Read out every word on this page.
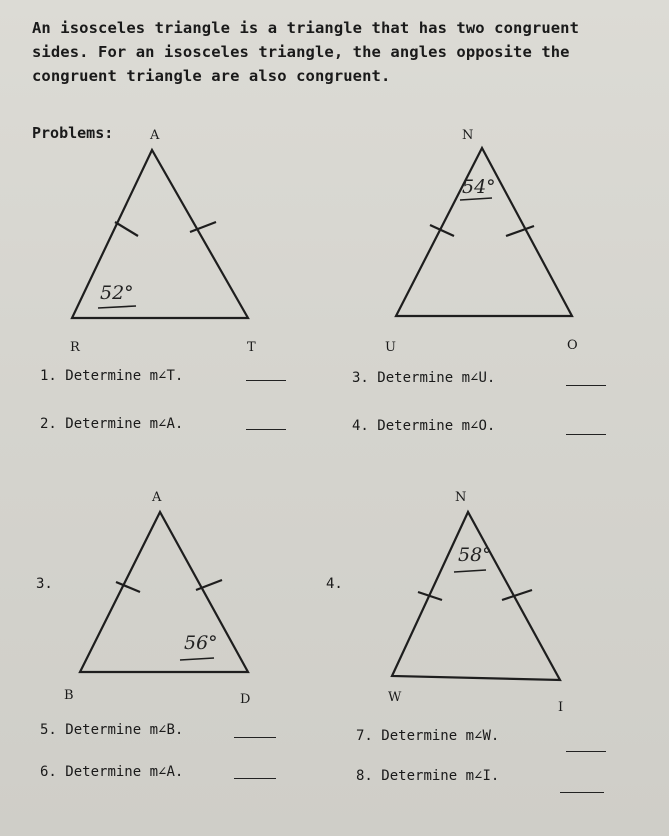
An isosceles triangle is a triangle that has two congruent
sides. For an isosceles triangle, the angles opposite the
congruent triangle are also congruent.
Problems:	A
R	T
52°
N
U	O
54°
1. Determine m∠T.
2. Determine m∠A.
3. Determine m∠U.
4. Determine m∠O.
3.
A
B	D
56°
4.
N
W
I
58°
5. Determine m∠B.
6. Determine m∠A.
7. Determine m∠W.
8. Determine m∠I.
